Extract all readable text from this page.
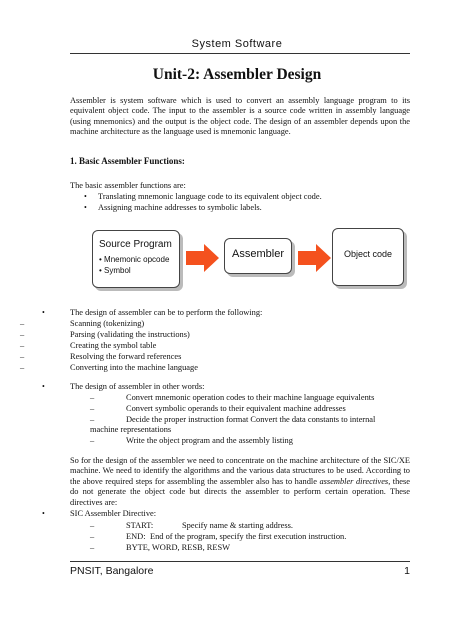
System Software
Unit-2: Assembler Design
Assembler is system software which is used to convert an assembly language program to its equivalent object code. The input to the assembler is a source code written in assembly language (using mnemonics) and the output is the object code. The design of an assembler depends upon the machine architecture as the language used is mnemonic language.
1. Basic Assembler Functions:
The basic assembler functions are:
• Translating mnemonic language code to its equivalent object code.
• Assigning machine addresses to symbolic labels.
Source Program
• Mnemonic opcode
• Symbol
Assembler	Object code
•	The design of assembler can be to perform the following:
–	Scanning (tokenizing)
–	Parsing (validating the instructions)
–	Creating the symbol table
–	Resolving the forward references
–	Converting into the machine language
•	The design of assembler in other words:
–	Convert mnemonic operation codes to their machine language equivalents
–	Convert symbolic operands to their equivalent machine addresses
–	Decide the proper instruction format Convert the data constants to internal
machine representations
–	Write the object program and the assembly listing
So for the design of the assembler we need to concentrate on the machine architecture of the SIC/XE machine. We need to identify the algorithms and the various data structures to be used. According to the above required steps for assembling the assembler also has to handle assembler directives, these do not generate the object code but directs the assembler to perform certain operation. These directives are:
•	SIC Assembler Directive:
–	START:	Specify name & starting address.
–	END: End of the program, specify the first execution instruction.
–	BYTE, WORD, RESB, RESW
PNSIT, Bangalore	1
